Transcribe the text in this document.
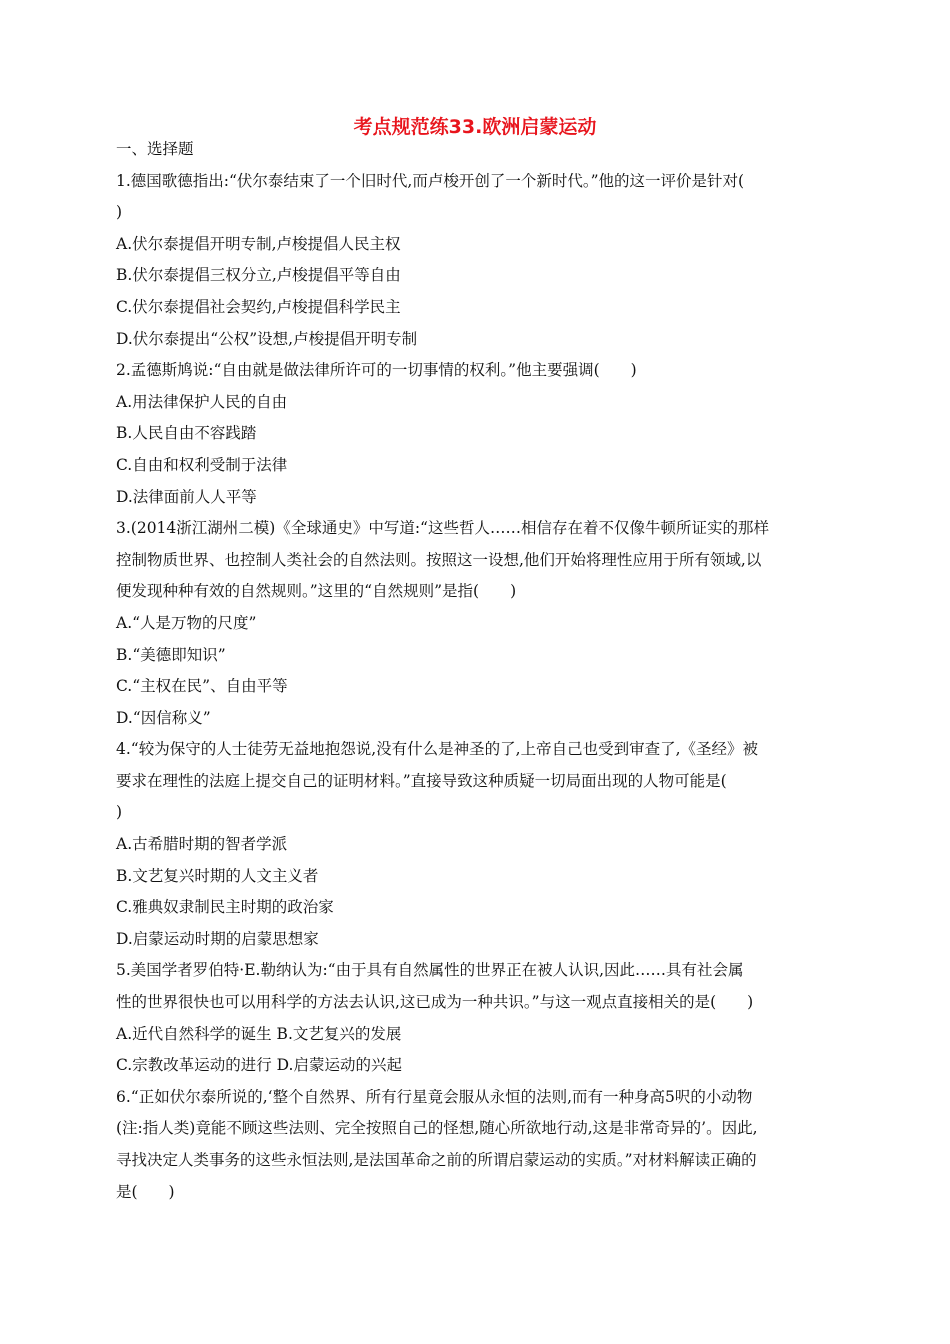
考点规范练33.欧洲启蒙运动
一、选择题
1.德国歌德指出:“伏尔泰结束了一个旧时代,而卢梭开创了一个新时代。”他的这一评价是针对(
)
A.伏尔泰提倡开明专制,卢梭提倡人民主权
B.伏尔泰提倡三权分立,卢梭提倡平等自由
C.伏尔泰提倡社会契约,卢梭提倡科学民主
D.伏尔泰提出“公权”设想,卢梭提倡开明专制
2.孟德斯鸠说:“自由就是做法律所许可的一切事情的权利。”他主要强调(　　)
A.用法律保护人民的自由
B.人民自由不容践踏
C.自由和权利受制于法律
D.法律面前人人平等
3.(2014浙江湖州二模)《全球通史》中写道:“这些哲人……相信存在着不仅像牛顿所证实的那样
控制物质世界、也控制人类社会的自然法则。按照这一设想,他们开始将理性应用于所有领域,以
便发现种种有效的自然规则。”这里的“自然规则”是指(　　)
A.“人是万物的尺度”
B.“美德即知识”
C.“主权在民”、自由平等
D.“因信称义”
4.“较为保守的人士徒劳无益地抱怨说,没有什么是神圣的了,上帝自己也受到审查了,《圣经》被
要求在理性的法庭上提交自己的证明材料。”直接导致这种质疑一切局面出现的人物可能是(
)
A.古希腊时期的智者学派
B.文艺复兴时期的人文主义者
C.雅典奴隶制民主时期的政治家
D.启蒙运动时期的启蒙思想家
5.美国学者罗伯特·E.勒纳认为:“由于具有自然属性的世界正在被人认识,因此……具有社会属
性的世界很快也可以用科学的方法去认识,这已成为一种共识。”与这一观点直接相关的是(　　)
A.近代自然科学的诞生 B.文艺复兴的发展
C.宗教改革运动的进行 D.启蒙运动的兴起
6.“正如伏尔泰所说的,‘整个自然界、所有行星竟会服从永恒的法则,而有一种身高5呎的小动物
(注:指人类)竟能不顾这些法则、完全按照自己的怪想,随心所欲地行动,这是非常奇异的’。因此,
寻找决定人类事务的这些永恒法则,是法国革命之前的所谓启蒙运动的实质。”对材料解读正确的
是(　　)
